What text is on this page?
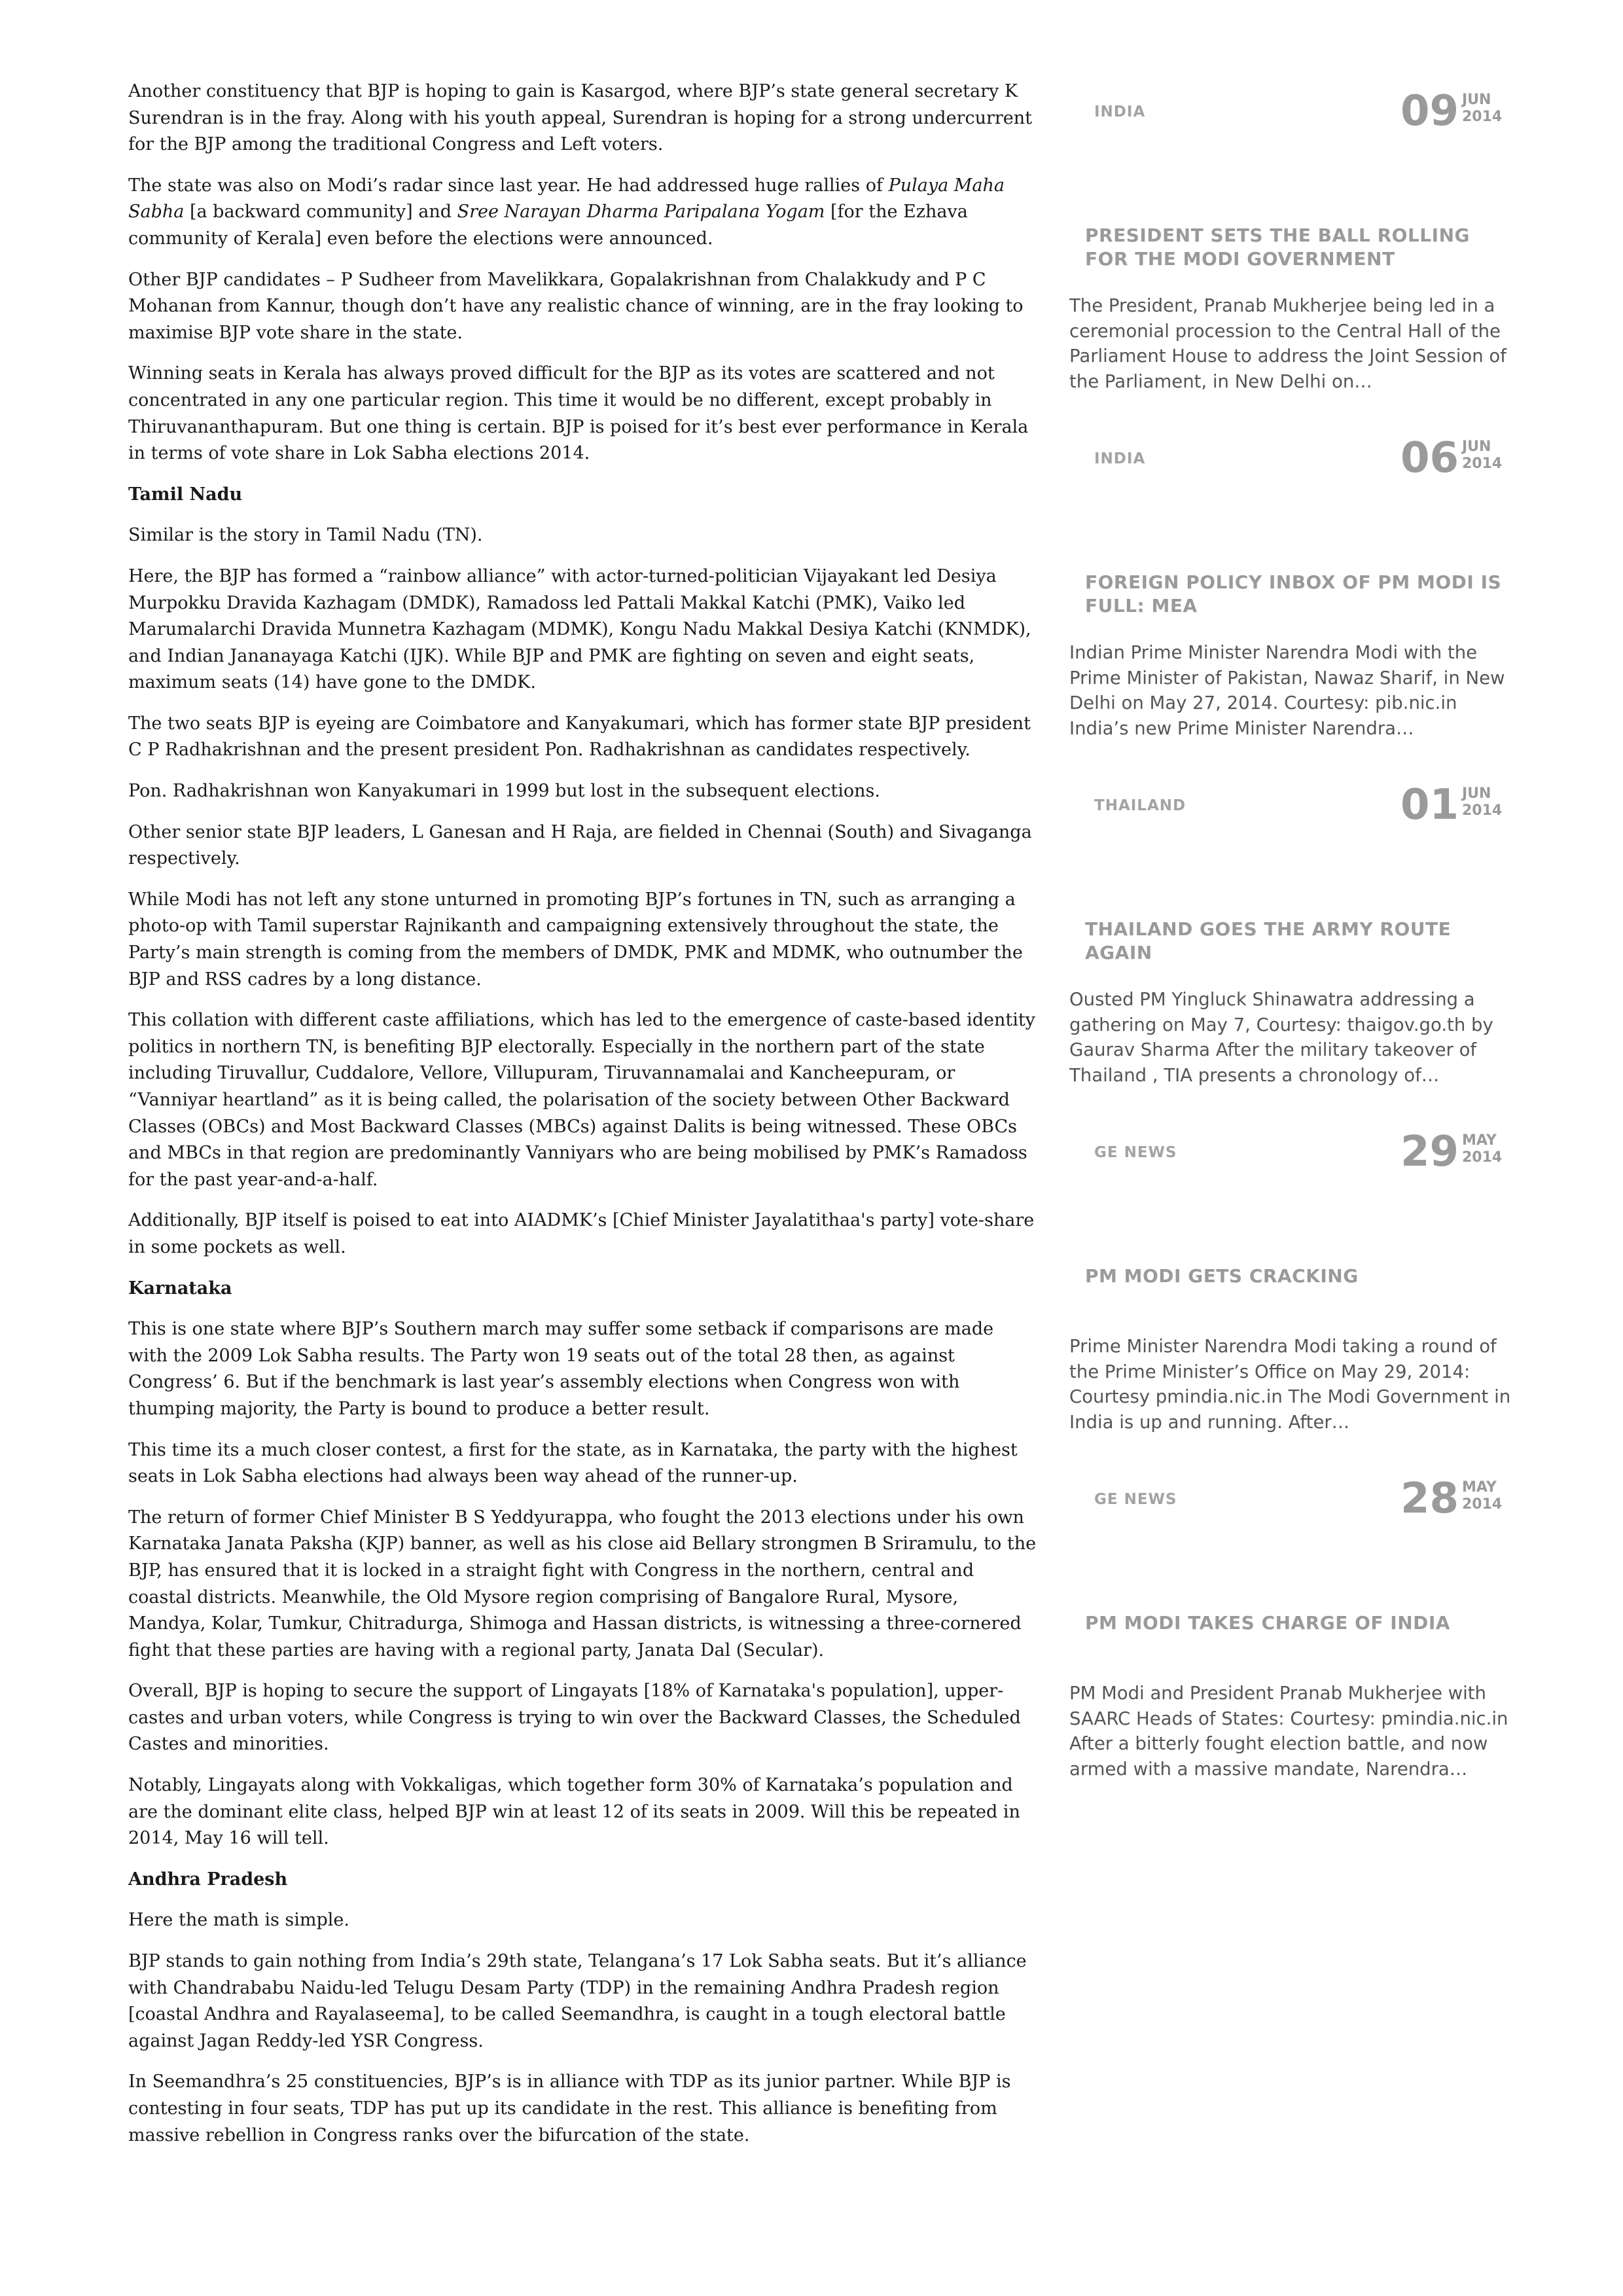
Another constituency that BJP is hoping to gain is Kasargod, where BJP’s state general secretary K Surendran is in the fray. Along with his youth appeal, Surendran is hoping for a strong undercurrent for the BJP among the traditional Congress and Left voters.

The state was also on Modi’s radar since last year. He had addressed huge rallies of Pulaya Maha Sabha [a backward community] and Sree Narayan Dharma Paripalana Yogam [for the Ezhava community of Kerala] even before the elections were announced.

Other BJP candidates – P Sudheer from Mavelikkara, Gopalakrishnan from Chalakkudy and P C Mohanan from Kannur, though don’t have any realistic chance of winning, are in the fray looking to maximise BJP vote share in the state.

Winning seats in Kerala has always proved difficult for the BJP as its votes are scattered and not concentrated in any one particular region. This time it would be no different, except probably in Thiruvananthapuram. But one thing is certain. BJP is poised for it’s best ever performance in Kerala in terms of vote share in Lok Sabha elections 2014.

Tamil Nadu

Similar is the story in Tamil Nadu (TN).

Here, the BJP has formed a “rainbow alliance” with actor-turned-politician Vijayakant led Desiya Murpokku Dravida Kazhagam (DMDK), Ramadoss led Pattali Makkal Katchi (PMK), Vaiko led Marumalarchi Dravida Munnetra Kazhagam (MDMK), Kongu Nadu Makkal Desiya Katchi (KNMDK), and Indian Jananayaga Katchi (IJK). While BJP and PMK are fighting on seven and eight seats, maximum seats (14) have gone to the DMDK.

The two seats BJP is eyeing are Coimbatore and Kanyakumari, which has former state BJP president C P Radhakrishnan and the present president Pon. Radhakrishnan as candidates respectively.

Pon. Radhakrishnan won Kanyakumari in 1999 but lost in the subsequent elections.

Other senior state BJP leaders, L Ganesan and H Raja, are fielded in Chennai (South) and Sivaganga respectively.

While Modi has not left any stone unturned in promoting BJP’s fortunes in TN, such as arranging a photo-op with Tamil superstar Rajnikanth and campaigning extensively throughout the state, the Party’s main strength is coming from the members of DMDK, PMK and MDMK, who outnumber the BJP and RSS cadres by a long distance.

This collation with different caste affiliations, which has led to the emergence of caste-based identity politics in northern TN, is benefiting BJP electorally. Especially in the northern part of the state including Tiruvallur, Cuddalore, Vellore, Villupuram, Tiruvannamalai and Kancheepuram, or “Vanniyar heartland” as it is being called, the polarisation of the society between Other Backward Classes (OBCs) and Most Backward Classes (MBCs) against Dalits is being witnessed. These OBCs and MBCs in that region are predominantly Vanniyars who are being mobilised by PMK’s Ramadoss for the past year-and-a-half.

Additionally, BJP itself is poised to eat into AIADMK’s [Chief Minister Jayalatithaa's party] vote-share in some pockets as well.

Karnataka

This is one state where BJP’s Southern march may suffer some setback if comparisons are made with the 2009 Lok Sabha results. The Party won 19 seats out of the total 28 then, as against Congress’ 6. But if the benchmark is last year’s assembly elections when Congress won with thumping majority, the Party is bound to produce a better result.

This time its a much closer contest, a first for the state, as in Karnataka, the party with the highest seats in Lok Sabha elections had always been way ahead of the runner-up.

The return of former Chief Minister B S Yeddyurappa, who fought the 2013 elections under his own Karnataka Janata Paksha (KJP) banner, as well as his close aid Bellary strongmen B Sriramulu, to the BJP, has ensured that it is locked in a straight fight with Congress in the northern, central and coastal districts. Meanwhile, the Old Mysore region comprising of Bangalore Rural, Mysore, Mandya, Kolar, Tumkur, Chitradurga, Shimoga and Hassan districts, is witnessing a three-cornered fight that these parties are having with a regional party, Janata Dal (Secular).

Overall, BJP is hoping to secure the support of Lingayats [18% of Karnataka's population], upper-castes and urban voters, while Congress is trying to win over the Backward Classes, the Scheduled Castes and minorities.

Notably, Lingayats along with Vokkaligas, which together form 30% of Karnataka’s population and are the dominant elite class, helped BJP win at least 12 of its seats in 2009. Will this be repeated in 2014, May 16 will tell.

Andhra Pradesh

Here the math is simple.

BJP stands to gain nothing from India’s 29th state, Telangana’s 17 Lok Sabha seats. But it’s alliance with Chandrababu Naidu-led Telugu Desam Party (TDP) in the remaining Andhra Pradesh region [coastal Andhra and Rayalaseema], to be called Seemandhra, is caught in a tough electoral battle against Jagan Reddy-led YSR Congress.

In Seemandhra’s 25 constituencies, BJP’s is in alliance with TDP as its junior partner. While BJP is contesting in four seats, TDP has put up its candidate in the rest. This alliance is benefiting from massive rebellion in Congress ranks over the bifurcation of the state.

INDIA	09 JUN
2014
PRESIDENT SETS THE BALL ROLLING FOR THE MODI GOVERNMENT
The President, Pranab Mukherjee being led in a ceremonial procession to the Central Hall of the Parliament House to address the Joint Session of the Parliament, in New Delhi on…
INDIA	06 JUN
2014
FOREIGN POLICY INBOX OF PM MODI IS FULL: MEA
Indian Prime Minister Narendra Modi with the Prime Minister of Pakistan, Nawaz Sharif, in New Delhi on May 27, 2014. Courtesy: pib.nic.in India’s new Prime Minister Narendra…
THAILAND	01 JUN
2014
THAILAND GOES THE ARMY ROUTE AGAIN
Ousted PM Yingluck Shinawatra addressing a gathering on May 7, Courtesy: thaigov.go.th by Gaurav Sharma After the military takeover of Thailand , TIA presents a chronology of…
GE NEWS	29 MAY
2014
PM MODI GETS CRACKING
Prime Minister Narendra Modi taking a round of the Prime Minister’s Office on May 29, 2014: Courtesy pmindia.nic.in The Modi Government in India is up and running. After…
GE NEWS	28 MAY
2014
PM MODI TAKES CHARGE OF INDIA
PM Modi and President Pranab Mukherjee with SAARC Heads of States: Courtesy: pmindia.nic.in After a bitterly fought election battle, and now armed with a massive mandate, Narendra…
